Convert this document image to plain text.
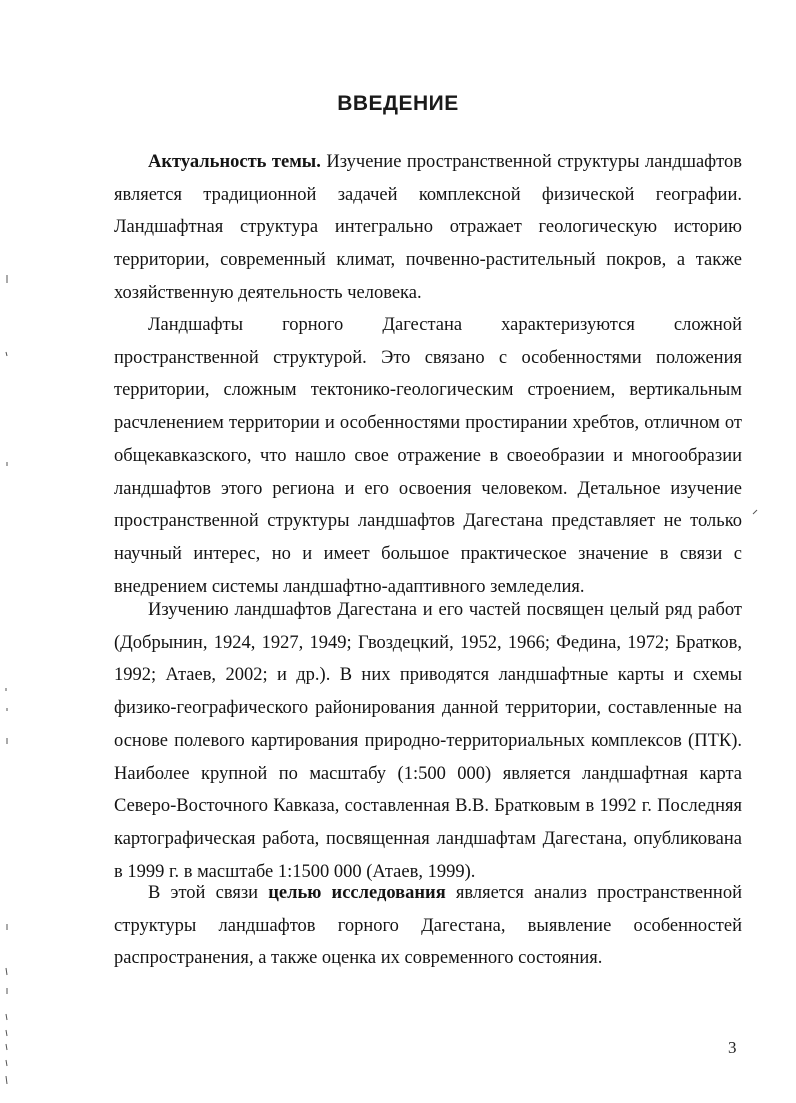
ВВЕДЕНИЕ

Актуальность темы. Изучение пространственной структуры ландшафтов является традиционной задачей комплексной физической географии. Ландшафтная структура интегрально отражает геологическую историю территории, современный климат, почвенно-растительный покров, а также хозяйственную деятельность человека.

Ландшафты горного Дагестана характеризуются сложной пространственной структурой. Это связано с особенностями положения территории, сложным тектонико-геологическим строением, вертикальным расчленением территории и особенностями простирании хребтов, отличном от общекавказского, что нашло свое отражение в своеобразии и многообразии ландшафтов этого региона и его освоения человеком. Детальное изучение пространственной структуры ландшафтов Дагестана представляет не только научный интерес, но и имеет большое практическое значение в связи с внедрением системы ландшафтно-адаптивного земледелия.

Изучению ландшафтов Дагестана и его частей посвящен целый ряд работ (Добрынин, 1924, 1927, 1949; Гвоздецкий, 1952, 1966; Федина, 1972; Братков, 1992; Атаев, 2002; и др.). В них приводятся ландшафтные карты и схемы физико-географического районирования данной территории, составленные на основе полевого картирования природно-территориальных комплексов (ПТК). Наиболее крупной по масштабу (1:500 000) является ландшафтная карта Северо-Восточного Кавказа, составленная В.В. Братковым в 1992 г. Последняя картографическая работа, посвященная ландшафтам Дагестана, опубликована в 1999 г. в масштабе 1:1500 000 (Атаев, 1999).

В этой связи целью исследования является анализ пространственной структуры ландшафтов горного Дагестана, выявление особенностей распространения, а также оценка их современного состояния.

3
